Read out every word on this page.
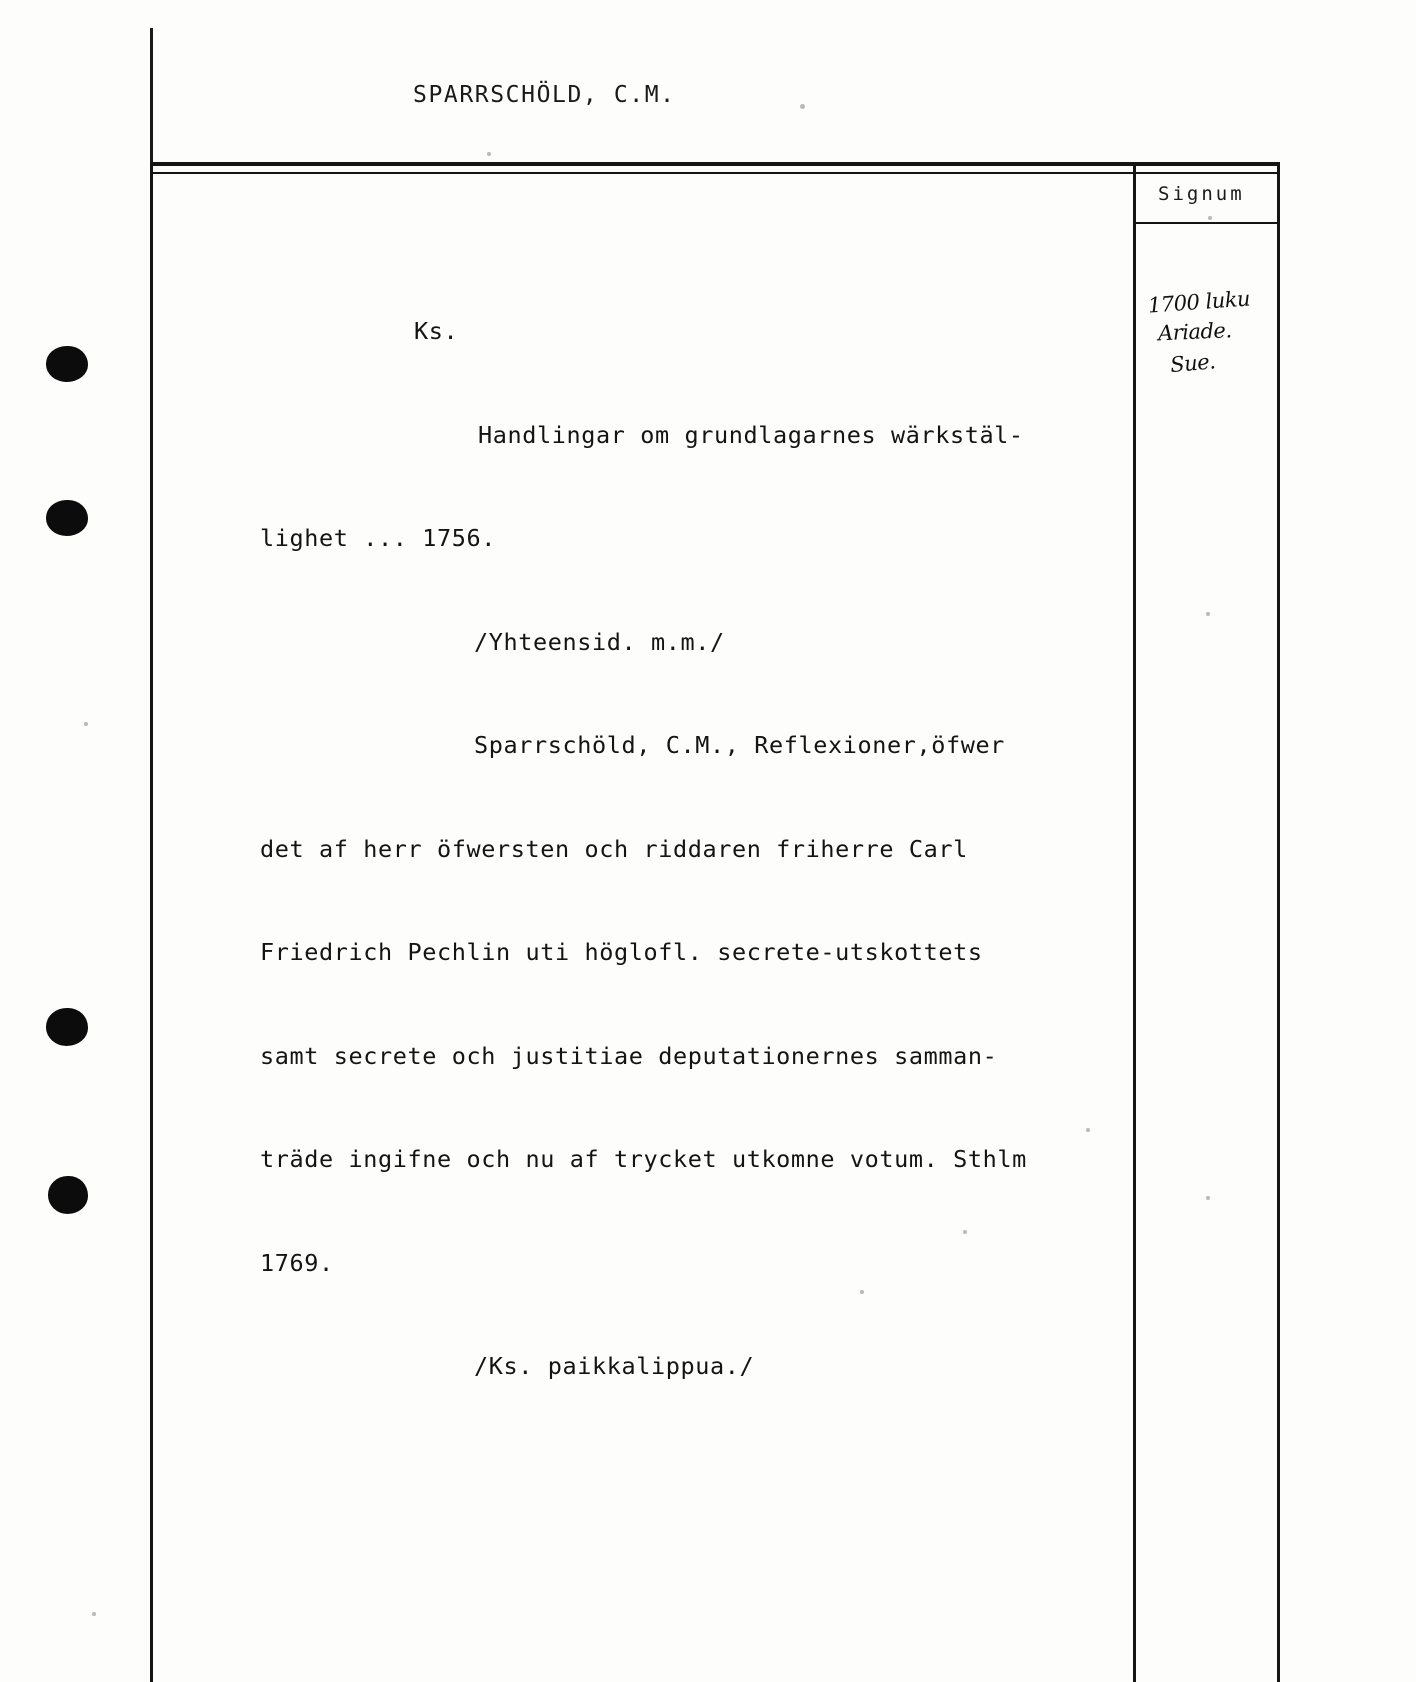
SPARRSCHÖLD, C.M.
Signum
1700 luku
Ariade.
Sue.

Ks.

Handlingar om grundlagarnes wärkstäl-

lighet ... 1756.

/Yhteensid. m.m./

Sparrschöld, C.M., Reflexioner,öfwer

det af herr öfwersten och riddaren friherre Carl

Friedrich Pechlin uti höglofl. secrete-utskottets

samt secrete och justitiae deputationernes samman-

träde ingifne och nu af trycket utkomne votum. Sthlm

1769.

/Ks. paikkalippua./
